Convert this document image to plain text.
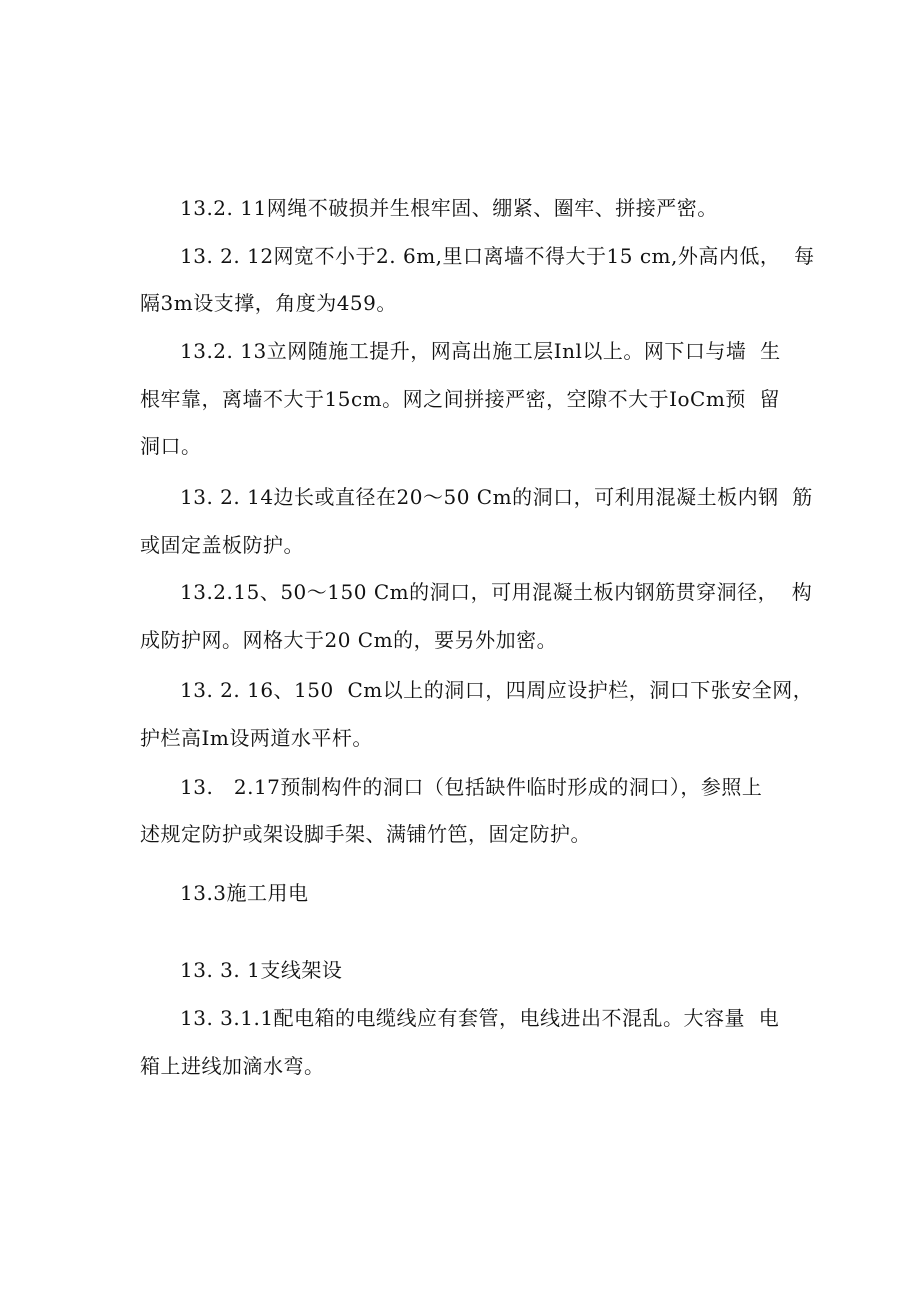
13.2. 11网绳不破损并生根牢固、绷紧、圈牢、拼接严密。
13. 2. 12网宽不小于2. 6m,里口离墙不得大于15 cm,外高内低，  每
隔3m设支撑，角度为459。
13.2. 13立网随施工提升，网高出施工层Inl以上。网下口与墙  生
根牢靠，离墙不大于15cm。网之间拼接严密，空隙不大于IoCm预  留
洞口。
13. 2. 14边长或直径在20～50 Cm的洞口，可利用混凝土板内钢  筋
或固定盖板防护。
13.2.15、50～150 Cm的洞口，可用混凝土板内钢筋贯穿洞径，  构
成防护网。网格大于20 Cm的，要另外加密。
13. 2. 16、150  Cm以上的洞口，四周应设护栏，洞口下张安全网，
护栏高Im设两道水平杆。
13.   2.17预制构件的洞口（包括缺件临时形成的洞口），参照上
述规定防护或架设脚手架、满铺竹笆，固定防护。
13.3施工用电
13. 3. 1支线架设
13. 3.1.1配电箱的电缆线应有套管，电线进出不混乱。大容量  电
箱上进线加滴水弯。
